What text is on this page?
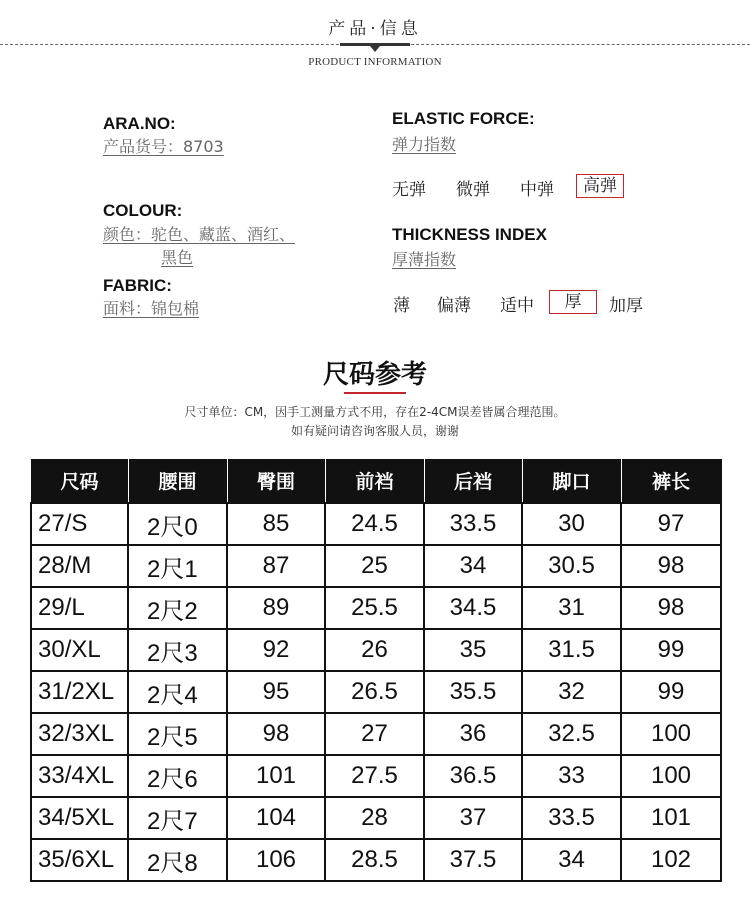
产品·信息
PRODUCT INFORMATION
ARA.NO:
产品货号：8703
COLOUR:
颜色：驼色、藏蓝、酒红、
黑色
FABRIC:
面料：锦包棉
ELASTIC FORCE:
弹力指数
无弹 微弹 中弹	高弹
THICKNESS INDEX
厚薄指数
薄 偏薄 适中	厚	加厚
尺码参考
尺寸单位：CM，因手工测量方式不用，存在2-4CM误差皆属合理范围。
如有疑问请咨询客服人员，谢谢
尺码	腰围	臀围	前裆	后裆	脚口	裤长
27/S	2尺0	85	24.5	33.5	30	97
28/M	2尺1	87	25	34	30.5	98
29/L	2尺2	89	25.5	34.5	31	98
30/XL	2尺3	92	26	35	31.5	99
31/2XL	2尺4	95	26.5	35.5	32	99
32/3XL	2尺5	98	27	36	32.5	100
33/4XL	2尺6	101	27.5	36.5	33	100
34/5XL	2尺7	104	28	37	33.5	101
35/6XL	2尺8	106	28.5	37.5	34	102
